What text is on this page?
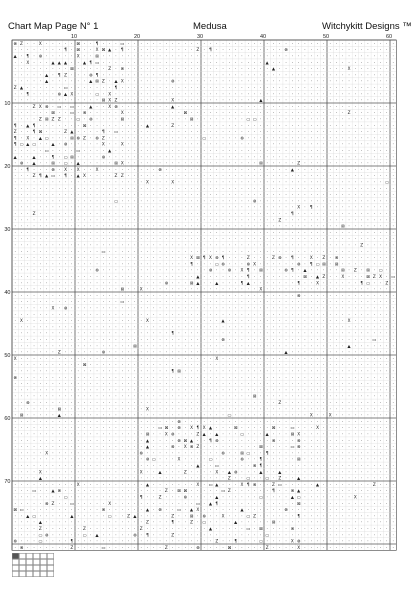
Chart Map Page N° 1	Medusa	Witchykitt Designs ™
10	20	30	40	50	60
10
20
30
40
50
60
70
⊗ Z · · X · · · · · ⊠ · · ¶ · · · ▭ · · · · · · · · · · · · · · · · · · · · · · · · · · · · · · · · · · · · · · · · · · ·
· · · · · · · · ¶ · ⊠ · · X ⊠ ▲ · ¶ · · · · · · · · · · · Z · ¶ · · · · · · · · · · · ⊗ · · · · · · · · · · · · · · · · ·
▲ · ¶ · ⊗ · · · · · X · · ⊠ · · · · · · · · · · · · · · · · · · · · · · · · · · · · · · · · · · · · · · · · · · · · · · ·
· · X · · · ▲ ▲ ▲ · · ▲ ¶ ▭ · · · · · · · · · · · · · · · · · · · · · · · · · · ▲ · · · · · · · · · · · · · · · · · · · ·
· · · · · · · · · ⊠ · · · · · Z · ⊗ · · · · · · · · · · · · · · · · · · · · · · · ▲ · · · · · · · · · · · X · · · · · · ·
· · · · · ▲ · ¶ Z · · · ⊗ ¶ · · · · · · · · · · · · · · · · · · · · · · · · · · · · · · · · · · · · · · · · · · · · · · ·
· · · · · ▲ · · · · · · ▲ ⊠ Z · ▲ X · · · · · · · ⊗ · · · · · · · · · · · · · · · · · · · · · · · · · · · · · · · · · · ·
Z ▲ · · · · · · ▭ · · · · · · · ¶ · · · · · · · · · · · · · · · · · · · · · · · · · · · · · · · · · · · · · · · · · · · ·
· · ¶ · · · · ⊗ ▲ X · · · ▭ · X · · · · · · · · · · · · · · · · · · · · · · · · · · · · · · · · · · · · · · · · · · · · ·
· · · · · · · · · · · · · · ⊠ X Z · · · · · · · · X · · · · · · · · · · · · · ▲ · · · · · · · · · · · · · · · · · · · · ·
· · · Z X ⊗ · ▭ · ▭ · · ▲ · · X ⊗ · · · · · · · · ▲ · · · · · · · · · · · · · · · · · · · · · · · · · · · · · · · · · · ·
· · · · · · ⊠ · · ▭ · ⊗ · · · · · X · · · · · · · · · ⊠ · · · · · · · · · · · · · · · · · · · · · · · · · Z · · · · · · ·
· · · · Z ⊠ Z Z · · ▭ · ⊗ · · · · ⊠ · · · · · · · · · · ⊠ · · · · · · · · ▭ ▭ · · · · · · · · · · · · · · · · · · · · · ·
¶ · ▲ ¶ · · · · · · · ⊠ · · · · · · · · · ▲ · · · Z · · · · · · · · · · · · · · · · · · · · · · · · · · · · · · · · · · ·
Z · · ¶ ⊠ · · · Z ▲ · · · · ¶ · ▭ · · · · · · · · · · · · · · · · · · · · · · · · · · · · · · · · · · · · · · · · · · · ·
¶ · X · ▲ ▭ · · · ⊠ ⊗ Z · ⊗ Z · · · · · · · · · · · · · · · ▭ · · · · · ⊗ · · · · · · · · · · · · · · · · · · · · · · · ·
¶ ▭ ▲ ▭ · · ▲ · ⊗ · · · · · X · · X · · · · · · · · · · · · · · · · · · · · · · · · · · · · · · · · · · · · · · · · · · ·
· · · · · ▭ · · · · ▭ · · · · ▲ · · · · · · · · · · · · · · · · · · · · · · · · · · · · · · · · · · · · · · · · · · · · ·
▲ · · ▲ · · ¶ · ▭ ⊠ · · · · ⊗ · · · · · · · · · · · · · · · · · · · · · · · · · · · · · · · · · · · · · · · · · · · · · ·
· ⊗ · ▲ · · ⊠ · ▭ · ▲ · · · · · ⊠ X · · · · · · · · · · · · · · · · · · · · · ⊠ · · · · · Z · · · · · · · · · · · · · · ·
· · ¶ · · · ⊗ · X · X · · X · · · · · · · · · ⊗ · · · · · · · · · · · · · · · · · · · · ▲ · · · · · · · · · · · · · · · ·
· · · Z ¶ ▲ ▭ · ¶ · ▲ X · · · · Z Z · · · · · · · · · · · · · · · · · · · · · · · · · · · · · · · · · · · · · · · · · · ·
· · · · · · · · · · · · · · · · · · · · · X · · · X · · · · · · · · · · · · · · · · · · · · · · · · · · · · · · · · · ▭ ·
· · · · · · · · · · · · · · · · · · · · · · · · · · · · · · · · · · · · · · · · · · · · · · · · · · · · · · · · · · · · ·
· · · · · · · · · · · · · · · · · · · · · · · · · · · · · · · · · · · · · · · · · · · · · · · · · · · · · · · · · · · · ·
· · · · · · · · · · · · · · · · ▭ · · · · · · · · · · · · · · · · · · · · · ⊗ · · · · · · · · · · · · · · · · · · · · · ·
· · · · · · · · · · · · · · · · · · · · · · · · · · · · · · · · · · · · · · · · · · · · · X · ¶ · · · · · · · · · · · · ·
· · · Z · · · · · · · · · · · · · · · · · · · · · · · · · · · · · · · · · · · · · · · · ¶ · · · · · · · · · · · · · · · ·
· · · · · · · · · · · · · · · · · · · · · · · · · · · · · · · · · · · · · · · · · · Z · · · · · · · · · · · · · · · · · ·
· · · · · · · · · · · · · · · · · · · · · · · · · · · · · · · · · · · · · · · · · · · · · · · · · · · · ⊠ · · · · · · · ·
· · · · · · · · · · · · · · · · · · · · · · · · · · · · · · · · · · · · · · · · · · · · · · · · · · · · · · · · · · · · ·
· · · · · · · · · · · · · · · · · · · · · · · · · · · · · · · · · · · · · · · · · · · · · · · · · · · · · · · · · · · · ·
· · · · · · · · · · · · · · · · · · · · · · · · · · · · · · · · · · · · · · · · · · · · · · · · · · · · · · · Z · · · · ·
· · · · · · · · · · · · · · ▭ · · · · · · · · · · · · · · · · · · · · · · · · · · · · · · · · · · · · · · · · · · · · · ·
· · · · · · · · · · · · · · · · · · · · · · · · · · · · X ⊠ ¶ X ⊗ ¶ · · · Z · · · Z ⊗ · ¶ · · X · Z · ⊗ · · · · · · · · ·
· · · · · · · · · · · · · · · · · · · · · · · · · · · · ¶ · · · ▭ ⊗ · · · ⊗ X · · · · · · ⊗ · ¶ ▭ ⊠ · ⊠ · · · · · · · · ·
· · · · · · · · · · · · · ⊗ · · · · · · · · · · · · · · · · · ⊗ · · ⊗ · X ¶ · ⊠ · · · ⊗ ¶ · ▲ · · · · · ⊠ · Z · ⊠ · ▭ · ·
· · · · · · · · · · · · · · · · · · · · · · · · · · · · · ▲ · · · · · · · ¶ · · · · · · · · ⊠ · ▲ Z · · X · · · ⊠ Z X · ▭
· · · · · · · · · · · · · · · · · · · · · · · · ⊗ · · · ⊠ ▲ · · ▲ · · · ¶ ▲ · · · · · · · ¶ · · X · · · · · · ¶ ▭ · · Z ·
· · · · · · · · · · · · · · · · · ⊠ · · X · · · · · · · · · · · · · · · · · · X · · · · · · · · · · · · · · · · · · · · ·
· · · · · · · · · · · · · · · · · · · · · · · · · · · · · · · · · · · · · · · · · · · · · ⊗ · · · · · · · · · · · · · · ·
· · · · · · · · · · · · · · · · · ▭ · · · · · · · · · · · · · · · · · · · · · · · · · · · · · · · · · · · · · · · · · · ·
· · · · · · X · ⊗ · · · · · · · · · · · · · · · · · · · · · · · · · · · · · · · · · · · · · · · · · · · · · · · · · · · ·
· · · · · · · · · · · · · · · · · · · · · · · · · · · · · · · · · · · · · · · · · · · · · · · · · · · · · · · · · · · · ·
· X · · · · · · · · · · · · · · · · · · · X · · · · · · · · · · · ▲ · · · · · · · · · · · · · · · · · · · X · · · · · · ·
· · · · · · · · · · · · · · · · · · · · · · · · · · · · · · · · · · · · · · · · · · · · · · · · · · · · · · · · · · · · ·
· · · · · · · · · · · · · · · · · · · · · · · · · ¶ · · · · · · · · · · · · · · · · · · · · · · · · · · · · · · · · · · ·
· · · · · · · · · · · · · · · · · · · · · · · · · · · · · · · · · ⊗ · · · · · · · · · · · · · · · · · · · · · · · ▭ · · ·
· · · · · · · · · · · · · · · · · · · ⊠ · · · · · · · · · · · · · · · · · · · · · · · · · · · · · · · · · ▲ · · · · · · ·
· · · · · · · Z · · · · · · ⊗ · · · · · · · · · · · · · · · · · · · · · · · · · · · · ▲ · · · · · · · · · · · · · · · · ·
X · · · · · · · · · · · · · · · · · · · · · · · · · · · · · · · X · · · · · · · · · · · · · · · · · · · · · · · · · · · ·
· · · · · · · · · · · ⊠ · · · · · · · · · · · · · · · · · · · · · · · · · · · · · · · · · · · · · · · · · · · · · · · · ·
· · · · · · · · · · · · · · · · · · · · · · · · · ¶ ⊠ · · · · · · · · · · · · · · · · · · · · · · · · · · · · · · · · · ·
⊗ · · · · · · · · · · · · · · · · · · · · · · · · · · · · · · · · · · · · · · · · · · · · · · · · · · · · · · · · · · · ·
· · · · · · · · · · · · · · · · · · · · · · · · · · · · · · · · · · · · · · · · · · · · · · · · · · · · · · · · · · · · ·
· · · · · · · · · · · · · · · · · · · · · · · · · · · · · · · · · · · · · · · · · · · · · · · · · · · · · · · · · · · · ·
· · · · · · · · · · · · · · · · · · · · · · · · · · · · · · · · · · · · · · ⊠ · · · · · · · · · · · · · · · · · · · · · ·
· · ⊗ · · · · · · · · · · · · · · · · · · · · · · · · · · · · · · · · · · · · · · · Z · · · · · · · · · · · · · · · · · ·
· · · · · · · ⊠ · · · · · · · · · · · · · X · · · · · · · · · · · · · · · · · · · · · · · · · · · · · · · · · · · · · · ·
· ⊠ · · · · · ▲ · · · · · · · · · · · · · · · · · · · · · · · · · · ▭ · · · · · · · · · · · · X · · X · · · · · · · · · ·
· · · · · · · · · · · · · · · · · · · · · · · · · · ⊗ · · · · · · · · · · · · · · · · · · · · · · · · · · · · · · · · · ·
· · · · · · · · · · · · · · · · · · · · · · · ▭ ⊠ · ⊗ · X ¶ X ▲ · · · ⊠ · · · · · ⊠ · · ▭ · · · X · · · · · · · · · · · ·
· · · · · · · · · · · · · · · · · · · · · ⊠ · · X ⊗ · · · Z ▲ · ▲ · · · ▭ · · · ▲ · · · ⊠ X · · · · · · · · · · · · · · ·
· · · · · · · · · · · · · · · · · · · · · ▲ · · · · ⊗ ⊠ ▲ · · ¶ ⊗ · · · · · · · · ⊗ · · · ⊗ · · · · · · · · · · · · · · ·
· · · · · · · · · · · · · · · · · · · · · ▲ · · · ⊗ · X ⊗ Z · · · · · · · · · ⊠ · · · · ▭ ⊗ · · · · · · · · · · · · · · ·
· · · · · X · · · · · · · · · · · · · · ⊗ · · · · · · · · · · · · ⊗ · · ⊠ ▭ · · ¶ · · · · · · · · · · · · · · · · · · · ·
· · · · · · · · · · · · · · · · · · · · · ⊗ ▭ · · · X · · · · ▭ · · · · ⊗ · · ¶ · · · · · ⊠ · · · · · · · · · · · · · · ·
· · · · · · · · · · · · · · · · · · · · · · · · · · · · · ▲ · · ▭ · · · · · ⊗ ¶ · · · · · · · · · · · · · · · · · · · · ·
· · · · X · · · · · · · · · · · · · · · X · · ▲ · · · Z · · · · X · ▲ ⊗ · · · ▲ · · ▲ · · · · · · · · · · · · · · · · · ·
· · · · ▲ · · · · · · · · · · · · · · · · · · · · · · · · · · · · · Z · · ▭ · · ▭ · Z · · ▲ · · · · · · · · · · · · · · ·
· · · · · · · · · · X · · · · · · · · · · ▲ · · · · · · · X · ▭ ▲ · · · X ¶ ⊗ · · Z ▭ · · · · · ▲ · · · · · · · · Z · · ·
· · · ▭ · · ▲ ⊗ · · · · · · · · · · · · · · · · Z · ⊠ ⊠ · · · · · ▭ Z · · · · · · ¶ · · ⊗ ▲ · · · · · · · · · · · · · · ·
· · · · · · · · ▭ · · · · · · · · · · · ¶ · · Z · · · ⊗ · · · · ▲ · · · · · · ▭ · · · · ▲ ▭ · · · · · · · · X · · · · · ·
· · · · · ⊗ Z · · ▭ · · · · · X · · · · · · · · · · · · · ▭ · ▲ ¶ · · · · · · · · · · · · ⊠ · · · · · · · · · · · · · · ·
⊠ ▭ · · · · · · · · · · · · ⊗ · · · · · · ▲ · ⊗ · · ▭ · ▲ X · · · · · · ▲ · · · · · · ⊗ · · · · · · · · · · · · · · · · ·
· · ▲ ▭ · · · · · ▲ · · · · · ▭ · · Z ▲ · · · · · Z · · ⊠ · ⊗ · · X · · · ▭ Z · · · · · · ¶ · · · · · · · · · · · · · · ·
· · · · ▲ · · · · · · · · · · · · · · · · Z · · · ¶ · · Z · ▭ · · · · ▲ · · · · · ⊠ · · · · · · · · · · · · · · · · · · ·
· · · · Z · · · · · · Z · · · · · · · · Z · · · · · · · · · · ▲ · · · · · ▭ · ⊠ · · · · ⊗ · · · · · · · · · · · · · · · ·
· · · · ▭ ⊗ · · · · · ▭ · ▲ · · · · · ⊗ · ¶ · · · Z · · · · · · · · · · · · · · ▭ · · · · · · · · · · · · · · · · · · · ·
⊗ · · · ▭ · · · · ¶ · · · · · · · · · · · · · · · · · · · · · · Z · · ¶ · · · ▭ · · · · X ⊗ · · · · · · · · · · · · · · ·
· ⊗ · · · · · · · Z · · · · ▭ · · · · · · · · · Z · · · · ⊗ · · · · ⊠ · · · · · Z · · · · X · · · · · · · · · · · · · · ·
